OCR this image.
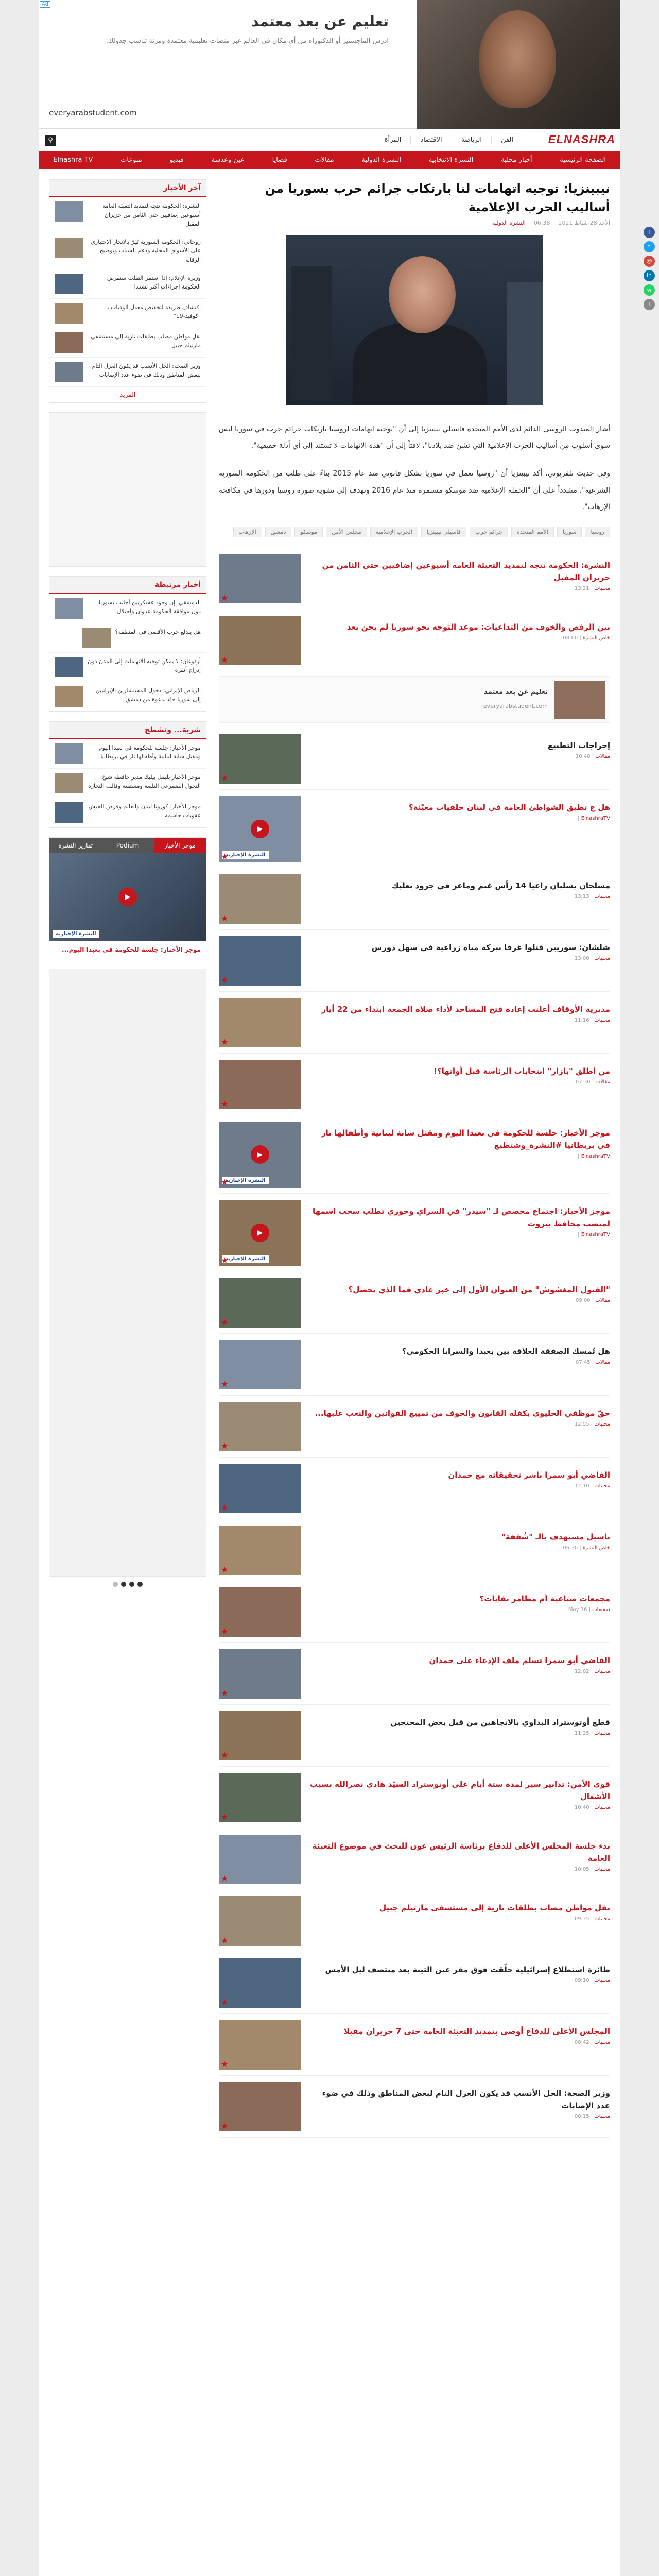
Ad
تعليم عن بعد معتمد
ادرس الماجستير أو الدكتوراه من أي مكان في العالم عبر منصات تعليمية معتمدة ومرنة تناسب جدولك.
everyarabstudent.com
ELNASHRA
الفن
الرياضة
الاقتصاد
المرأة
⚲
الصفحة الرئيسية
أخبار محلية
النشرة الانتخابية
النشرة الدولية
مقالات
قضايا
عين وعدسة
فيديو
منوعات
Elnashra TV
نيبينزيا: توجيه اتهامات لنا بارتكاب جرائم حرب بسوريا من أساليب الحرب الإعلامية
الأحد 28 شباط 2021
06:38
النشرة الدولية

أشار المندوب الروسي الدائم لدى الأمم المتحدة فاسيلي نيبينزيا إلى أن "توجيه اتهامات لروسيا بارتكاب جرائم حرب في سوريا ليس سوى أسلوب من أساليب الحرب الإعلامية التي تشن ضد بلادنا"، لافتاً إلى أن "هذه الاتهامات لا تستند إلى أي أدلة حقيقية".

وفي حديث تلفزيوني، أكد نيبينزيا أن "روسيا تعمل في سوريا بشكل قانوني منذ عام 2015 بناءً على طلب من الحكومة السورية الشرعية"، مشدداً على أن "الحملة الإعلامية ضد موسكو مستمرة منذ عام 2016 وتهدف إلى تشويه صورة روسيا ودورها في مكافحة الإرهاب".

روسيا
سوريا
الأمم المتحدة
جرائم حرب
فاسيلي نيبينزيا
الحرب الإعلامية
مجلس الأمن
موسكو
دمشق
الإرهاب
النشرة: الحكومة تتجه لتمديد التعبئة العامة أسبوعين إضافيين حتى الثامن من حزيران المقبل
محليات | 13:21
★
بين الرفض والخوف من التداعيات: موعد التوجه نحو سوريا لم يحن بعد
خاص النشرة | 08:00
★
تعليم عن بعد معتمد
everyarabstudent.com
إحراجات التطبيع
مقالات | 10:48
★
هل ع تطبق الشواطئ العامة في لبنان خلفيات معيّنة؟
ElnashraTV |
▶
النشرة الإخبارية
★
مسلحان يسلبان راعيا 14 رأس غنم وماعز في جرود بعلبك
محليات | 13:13
★
شلشان: سوريين قتلوا غرقا ببركة مياه زراعية في سهل دورس
محليات | 13:00
★
مديرية الأوقاف أعلنت إعادة فتح المساجد لأداء صلاة الجمعة ابتداء من 22 أيار
محليات | 11:16
★
من أطلق "بازار" انتخابات الرئاسة قبل أوانها؟!
مقالات | 07:30
★
موجز الأخبار: جلسة للحكومة في بعبدا اليوم ومقتل شابة لبنانية وأطفالها نار في بريطانيا #النشرة_وشتطبع
ElnashraTV |
▶
النشرة الإخبارية
★
موجز الأخبار: اجتماع مخصص لـ "سيدر" في السراي وخوري تطلب سحب اسمها لمنصب محافظ بيروت
ElnashraTV |
▶
النشرة الإخبارية
★
"الفيول المغشوش" من العنوان الأول إلى خبر عادي فما الذي يحصل؟
مقالات | 09:00
★
هل تُمسك الصفقة العلاقة بين بعبدا والسرايا الحكومي؟
مقالات | 07:45
★
حقّ موظفي الخليوي بكفله القانون والخوف من تمييع القوانين والتعب عليها...
محليات | 12:55
★
القاضي أبو سمرا باشر تحقيقاته مع حمدان
محليات | 12:10
★
باسيل مستهدف بالـ "شُقفة"
خاص النشرة | 06:30
★
مجمعات صناعية أم مطامر نفايات؟
تحقيقات | May 16
★
القاضي أبو سمرا تسلم ملف الإدعاء على حمدان
محليات | 12:02
★
قطع أوتوستراد البداوي بالاتجاهين من قبل بعض المحتجين
محليات | 11:25
★
قوى الأمن: تدابير سير لمدة ستة أيام على أوتوستراد السيّد هادي نصرالله بسبب الأشغال
محليات | 10:40
★
بدء جلسة المجلس الأعلى للدفاع برئاسة الرئيس عون للبحث في موضوع التعبئة العامة
محليات | 10:05
★
نقل مواطن مصاب بطلقات نارية إلى مستشفى مارتيلم جبيل
محليات | 09:35
★
طائرة استطلاع إسرائيلية حلّقت فوق مقر عين التينة بعد منتصف ليل الأمس
محليات | 09:10
★
المجلس الأعلى للدفاع أوصى بتمديد التعبئة العامة حتى 7 حزيران مقبلا
محليات | 08:42
★
وزير الصحة: الخل الأنسب قد يكون العزل التام لبعض المناطق وذلك في ضوء عدد الإصابات
محليات | 08:15
★
آخر الأخبار
النشرة: الحكومة تتجه لتمديد التعبئة العامة أسبوعين إضافيين حتى الثامن من حزيران المقبل
روحاني: الحكومة السورية تُقِرّ بالانجاز الاختياري على الأسواق المحلية ودعم الشباب وتوضيح الرقابة
وزيرة الإعلام: إذا استمر التفلت سنفرض الحكومة إجراءات أكثر تشددا
اكتشاف طريقة لتخفيض معدل الوفيات بـ "كوفيد-19"
نقل مواطن مصاب بطلقات نارية إلى مستشفى مارتيلم جبيل
وزير الصحة: الحل الأنسب قد يكون العزل التام لبعض المناطق وذلك في ضوء عدد الإصابات
المزيد
أخبار مرتبطة
الدمشقي: إن وجود عسكريين أجانب بسوريا دون موافقة الحكومة عدوان واحتلال
هل يندلع حرب الأقصى في المنطقة؟
أردوغان: لا يمكن توجيه الاتهامات إلى المدن دون إدراج أنقرة
الرياض الإيراني: دخول المستشارين الإيرانيين إلى سوريا جاء بدعوة من دمشق
شرية... ونشطح
موجز الأخبار: جلسة للحكومة في بعبدا اليوم ومقتل شابة لبنانية وأطفالها نار في بريطانيا
موجز الأخبار بليمل بيلبك مدير حافظة شيخ التجول الضمرعي التلبغة ومستفتة وقالف التجارة
موجز الأخبار: كورونا لبنان والعالم وفرض الجيش عقوبات حاسمة
موجز الأخبار
Podium
تقارير النشرة
▶
النشرة الإخبارية
موجز الأخبار: جلسة للحكومة في بعبدا اليوم...
f
t
@
in
w
+
